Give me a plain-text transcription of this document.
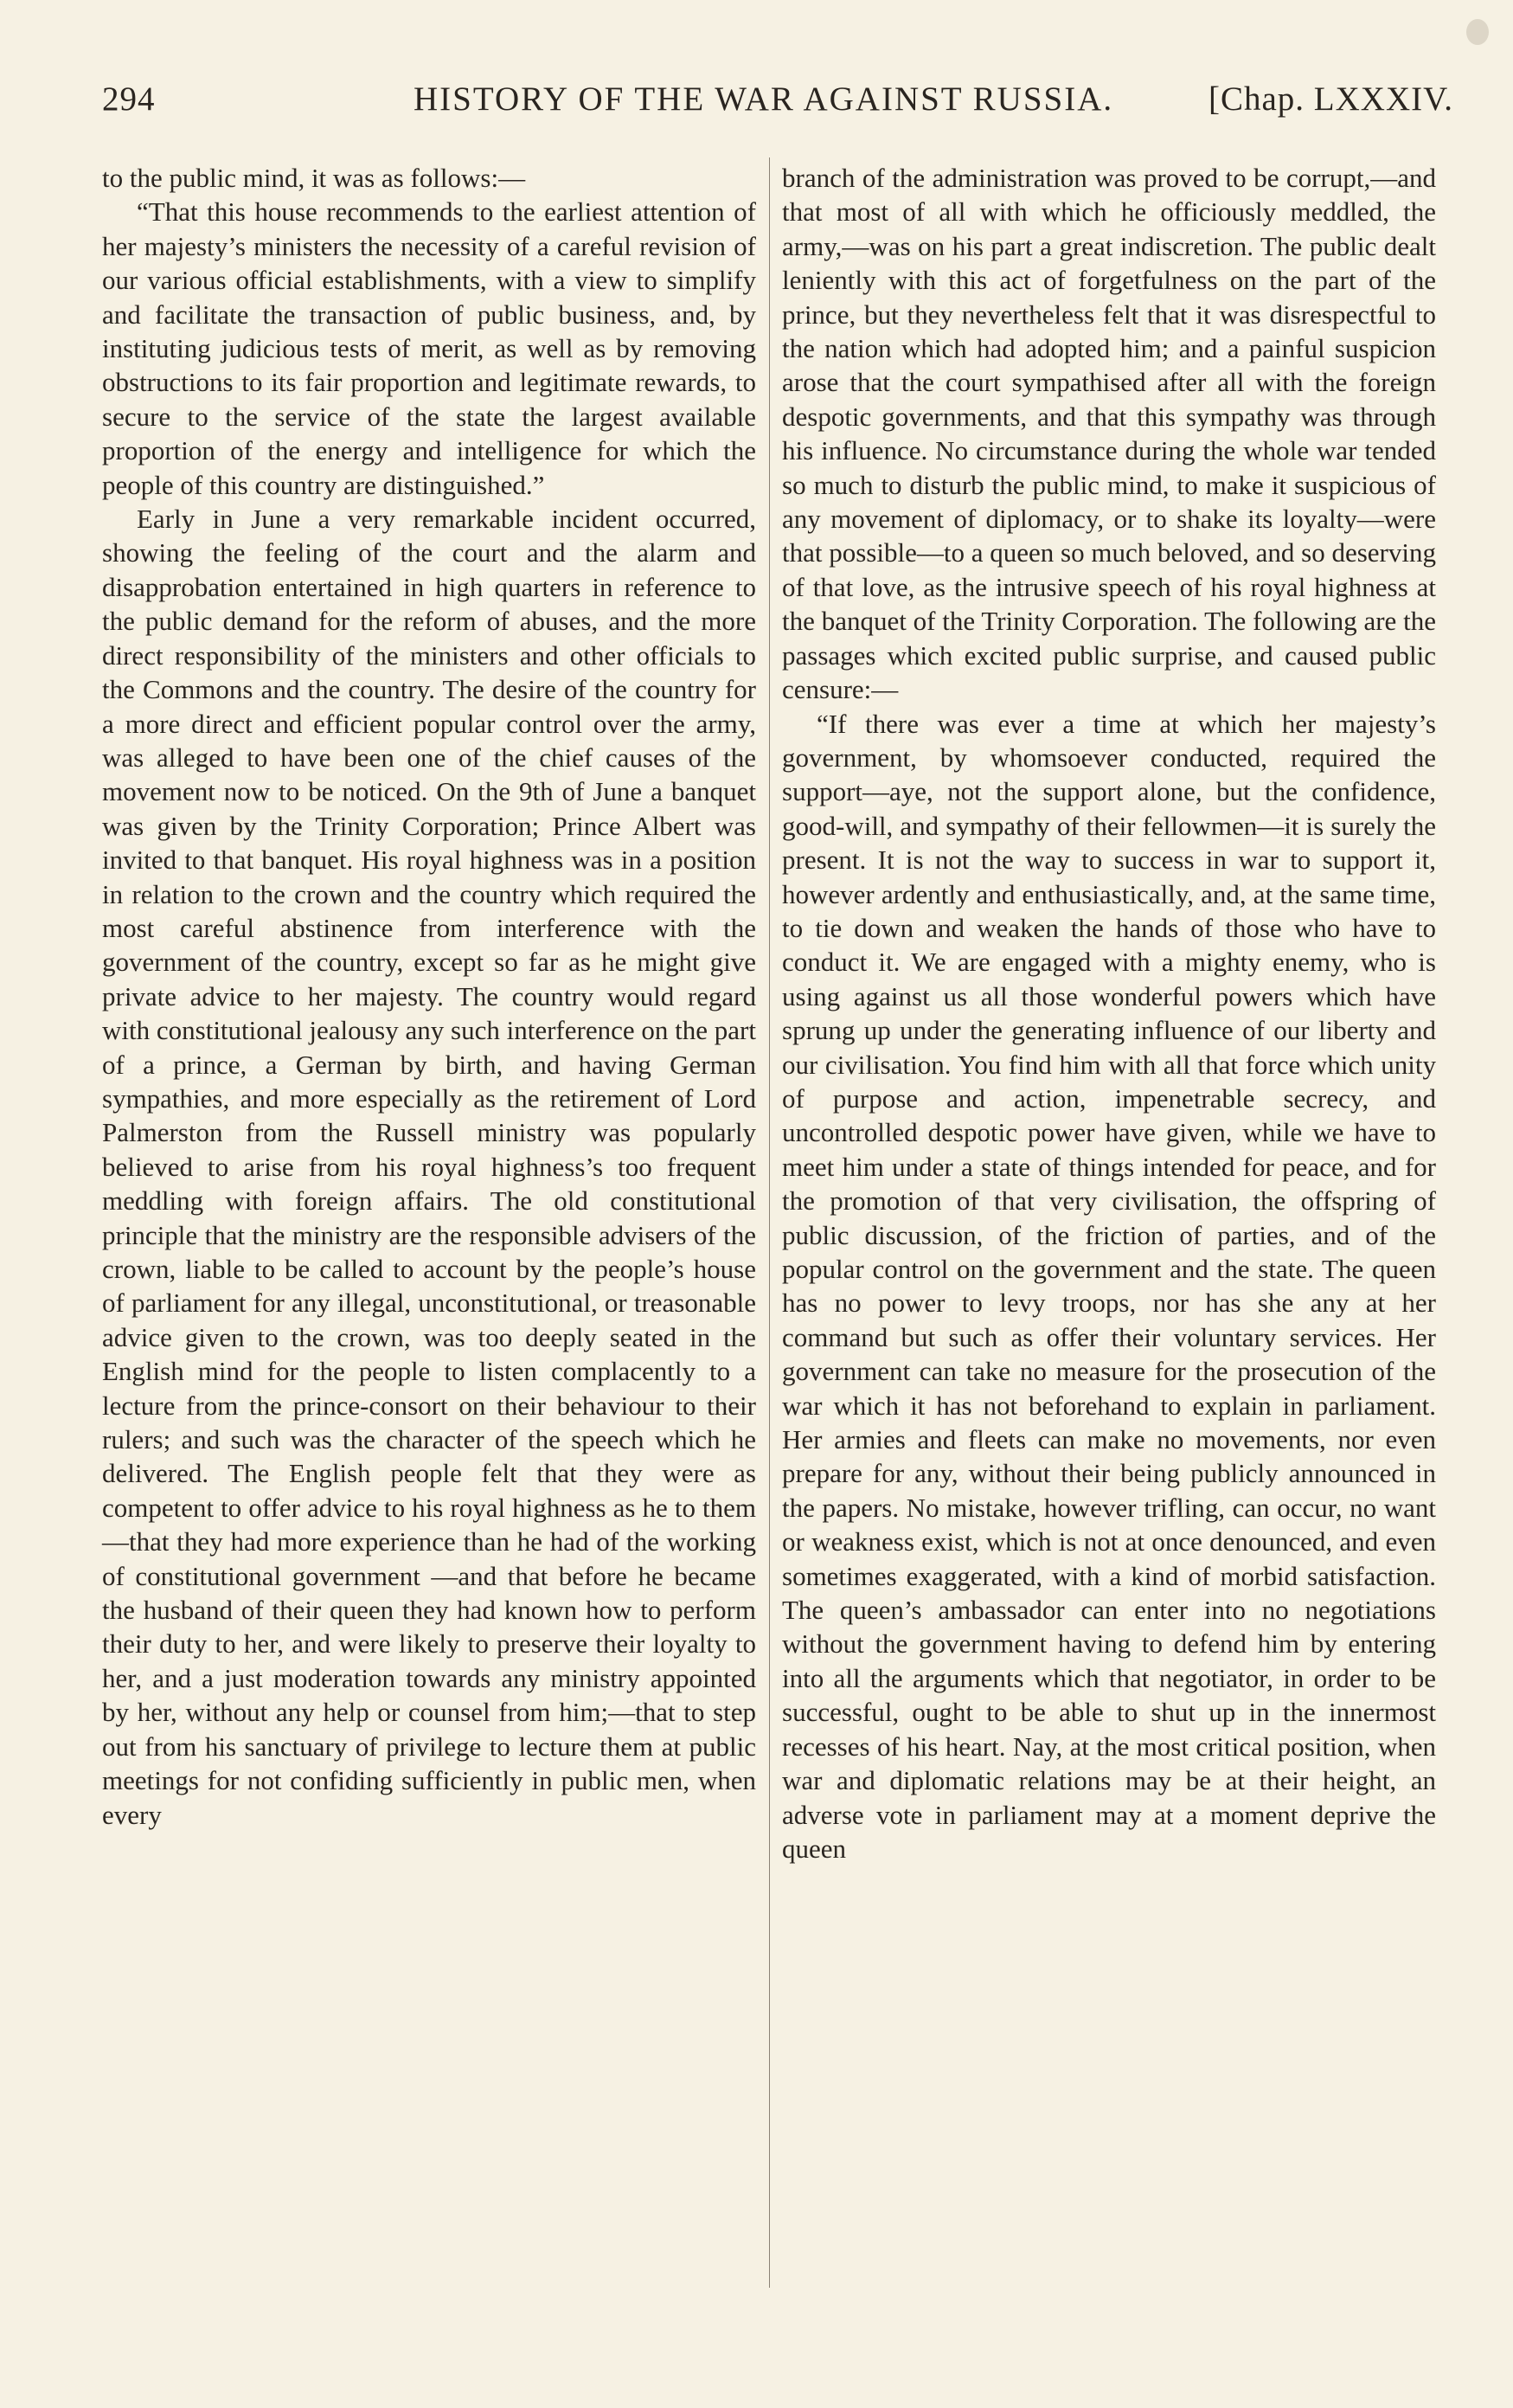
294	HISTORY OF THE WAR AGAINST RUSSIA.	[Chap. LXXXIV.

to the public mind, it was as follows:—

“That this house recommends to the earliest attention of her majesty’s ministers the necessity of a careful revision of our various official establishments, with a view to simplify and facilitate the transaction of public business, and, by instituting judicious tests of merit, as well as by removing obstructions to its fair proportion and legitimate rewards, to secure to the service of the state the largest available proportion of the energy and intelligence for which the people of this country are distinguished.”

Early in June a very remarkable incident occurred, showing the feeling of the court and the alarm and disapprobation entertained in high quarters in reference to the public demand for the reform of abuses, and the more direct responsibility of the ministers and other officials to the Commons and the country. The desire of the country for a more direct and efficient popular control over the army, was alleged to have been one of the chief causes of the movement now to be noticed. On the 9th of June a banquet was given by the Trinity Corporation; Prince Albert was invited to that banquet. His royal highness was in a position in relation to the crown and the country which required the most careful abstinence from interference with the government of the country, except so far as he might give private advice to her majesty. The country would regard with constitutional jealousy any such interference on the part of a prince, a German by birth, and having German sympathies, and more especially as the retirement of Lord Palmerston from the Russell ministry was popularly believed to arise from his royal highness’s too frequent meddling with foreign affairs. The old constitutional principle that the ministry are the responsible advisers of the crown, liable to be called to account by the people’s house of parliament for any illegal, unconstitutional, or treasonable advice given to the crown, was too deeply seated in the English mind for the people to listen complacently to a lecture from the prince-consort on their behaviour to their rulers; and such was the character of the speech which he delivered. The English people felt that they were as competent to offer advice to his royal highness as he to them—that they had more experience than he had of the working of constitutional government —and that before he became the husband of their queen they had known how to perform their duty to her, and were likely to preserve their loyalty to her, and a just moderation towards any ministry appointed by her, without any help or counsel from him;—that to step out from his sanctuary of privilege to lecture them at public meetings for not confiding sufficiently in public men, when every

branch of the administration was proved to be corrupt,—and that most of all with which he officiously meddled, the army,—was on his part a great indiscretion. The public dealt leniently with this act of forgetfulness on the part of the prince, but they nevertheless felt that it was disrespectful to the nation which had adopted him; and a painful suspicion arose that the court sympathised after all with the foreign despotic governments, and that this sympathy was through his influence. No circumstance during the whole war tended so much to disturb the public mind, to make it suspicious of any movement of diplomacy, or to shake its loyalty—were that possible—to a queen so much beloved, and so deserving of that love, as the intrusive speech of his royal highness at the banquet of the Trinity Corporation. The following are the passages which excited public surprise, and caused public censure:—

“If there was ever a time at which her majesty’s government, by whomsoever conducted, required the support—aye, not the support alone, but the confidence, good-will, and sympathy of their fellowmen—it is surely the present. It is not the way to success in war to support it, however ardently and enthusiastically, and, at the same time, to tie down and weaken the hands of those who have to conduct it. We are engaged with a mighty enemy, who is using against us all those wonderful powers which have sprung up under the generating influence of our liberty and our civilisation. You find him with all that force which unity of purpose and action, impenetrable secrecy, and uncontrolled despotic power have given, while we have to meet him under a state of things intended for peace, and for the promotion of that very civilisation, the offspring of public discussion, of the friction of parties, and of the popular control on the government and the state. The queen has no power to levy troops, nor has she any at her command but such as offer their voluntary services. Her government can take no measure for the prosecution of the war which it has not beforehand to explain in parliament. Her armies and fleets can make no movements, nor even prepare for any, without their being publicly announced in the papers. No mistake, however trifling, can occur, no want or weakness exist, which is not at once denounced, and even sometimes exaggerated, with a kind of morbid satisfaction. The queen’s ambassador can enter into no negotiations without the government having to defend him by entering into all the arguments which that negotiator, in order to be successful, ought to be able to shut up in the innermost recesses of his heart. Nay, at the most critical position, when war and diplomatic relations may be at their height, an adverse vote in parliament may at a moment deprive the queen
